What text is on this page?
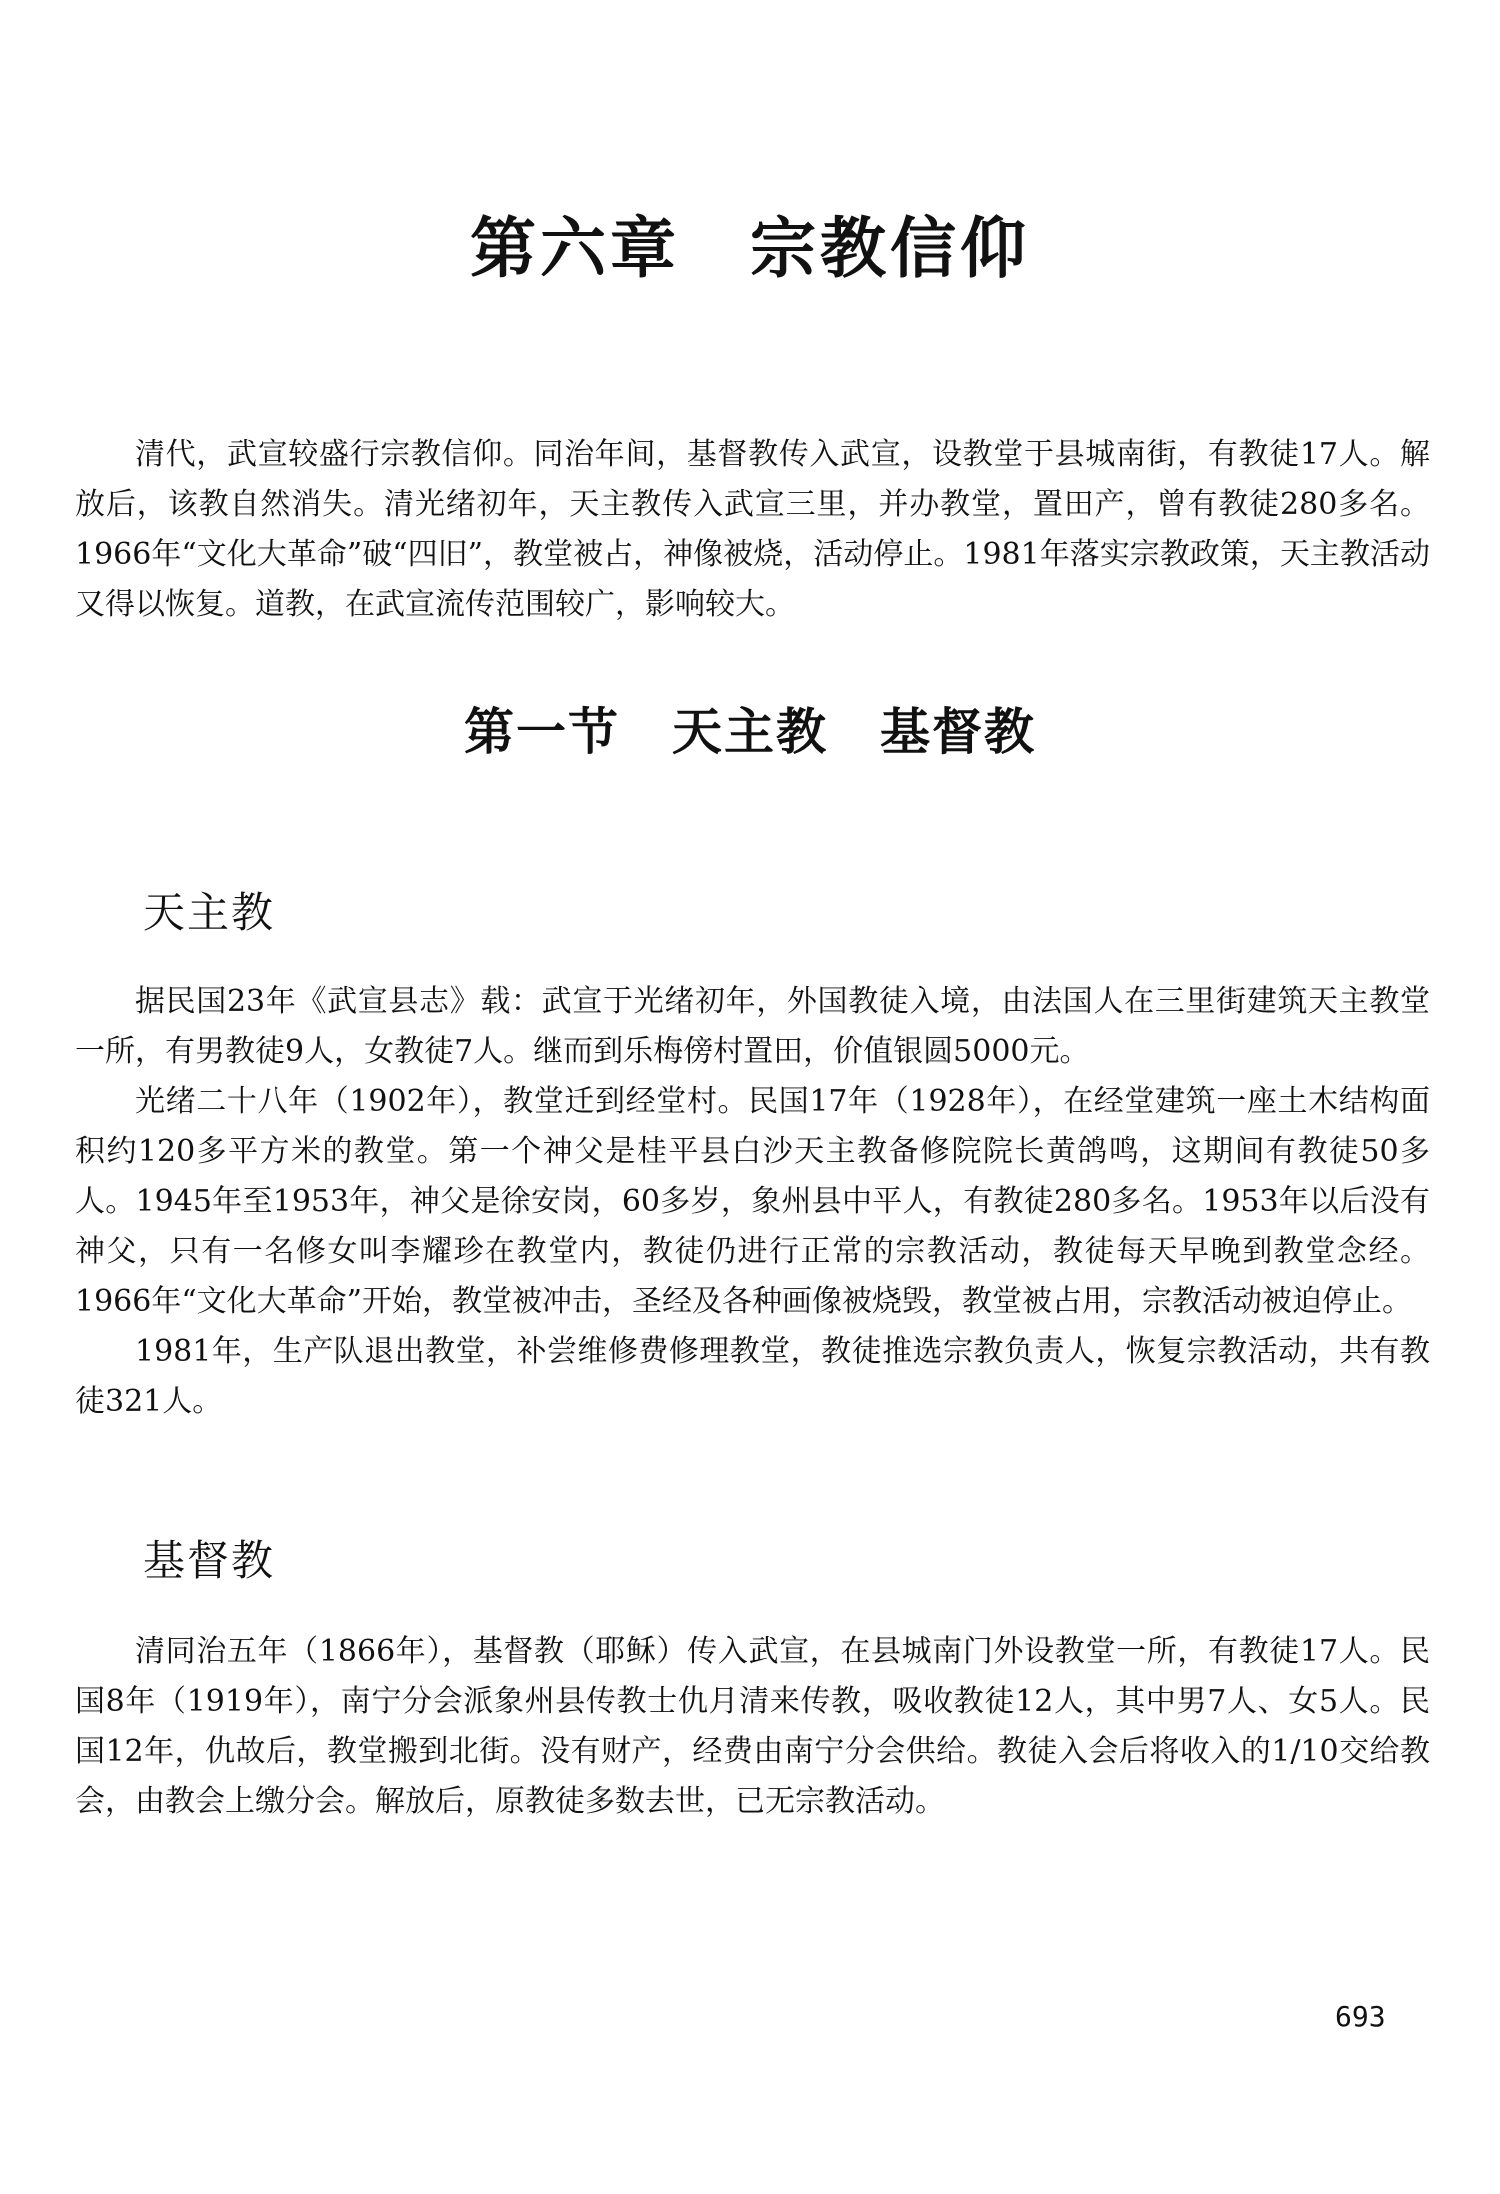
第六章　宗教信仰

清代，武宣较盛行宗教信仰。同治年间，基督教传入武宣，设教堂于县城南街，有教徒17人。解放后，该教自然消失。清光绪初年，天主教传入武宣三里，并办教堂，置田产，曾有教徒280多名。1966年“文化大革命”破“四旧”，教堂被占，神像被烧，活动停止。1981年落实宗教政策，天主教活动又得以恢复。道教，在武宣流传范围较广，影响较大。

第一节　天主教　基督教
天主教

据民国23年《武宣县志》载：武宣于光绪初年，外国教徒入境，由法国人在三里街建筑天主教堂一所，有男教徒9人，女教徒7人。继而到乐梅傍村置田，价值银圆5000元。

光绪二十八年（1902年），教堂迁到经堂村。民国17年（1928年），在经堂建筑一座土木结构面积约120多平方米的教堂。第一个神父是桂平县白沙天主教备修院院长黄鸽鸣，这期间有教徒50多人。1945年至1953年，神父是徐安岗，60多岁，象州县中平人，有教徒280多名。1953年以后没有神父，只有一名修女叫李耀珍在教堂内，教徒仍进行正常的宗教活动，教徒每天早晚到教堂念经。1966年“文化大革命”开始，教堂被冲击，圣经及各种画像被烧毁，教堂被占用，宗教活动被迫停止。

1981年，生产队退出教堂，补尝维修费修理教堂，教徒推选宗教负责人，恢复宗教活动，共有教徒321人。

基督教

清同治五年（1866年），基督教（耶稣）传入武宣，在县城南门外设教堂一所，有教徒17人。民国8年（1919年），南宁分会派象州县传教士仇月清来传教，吸收教徒12人，其中男7人、女5人。民国12年，仇故后，教堂搬到北街。没有财产，经费由南宁分会供给。教徒入会后将收入的1/10交给教会，由教会上缴分会。解放后，原教徒多数去世，已无宗教活动。

693
